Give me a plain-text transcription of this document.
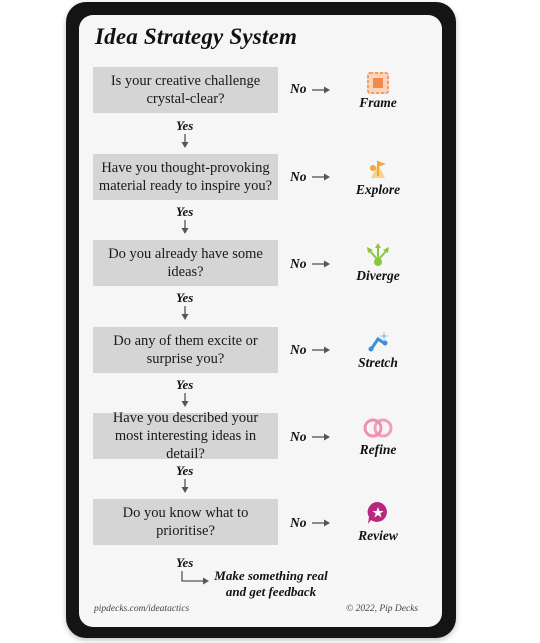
Idea Strategy System
Is your creative challenge crystal-clear?
No
Frame
Yes
Have you thought-provoking material ready to inspire you?
No
Explore
Yes
Do you already have some ideas?
No
Diverge
Yes
Do any of them excite or surprise you?
No
Stretch
Yes
Have you described your most interesting ideas in detail?
No
Refine
Yes
Do you know what to prioritise?
No
Review
Yes
Make something real and get feedback
pipdecks.com/ideatactics	© 2022, Pip Decks
